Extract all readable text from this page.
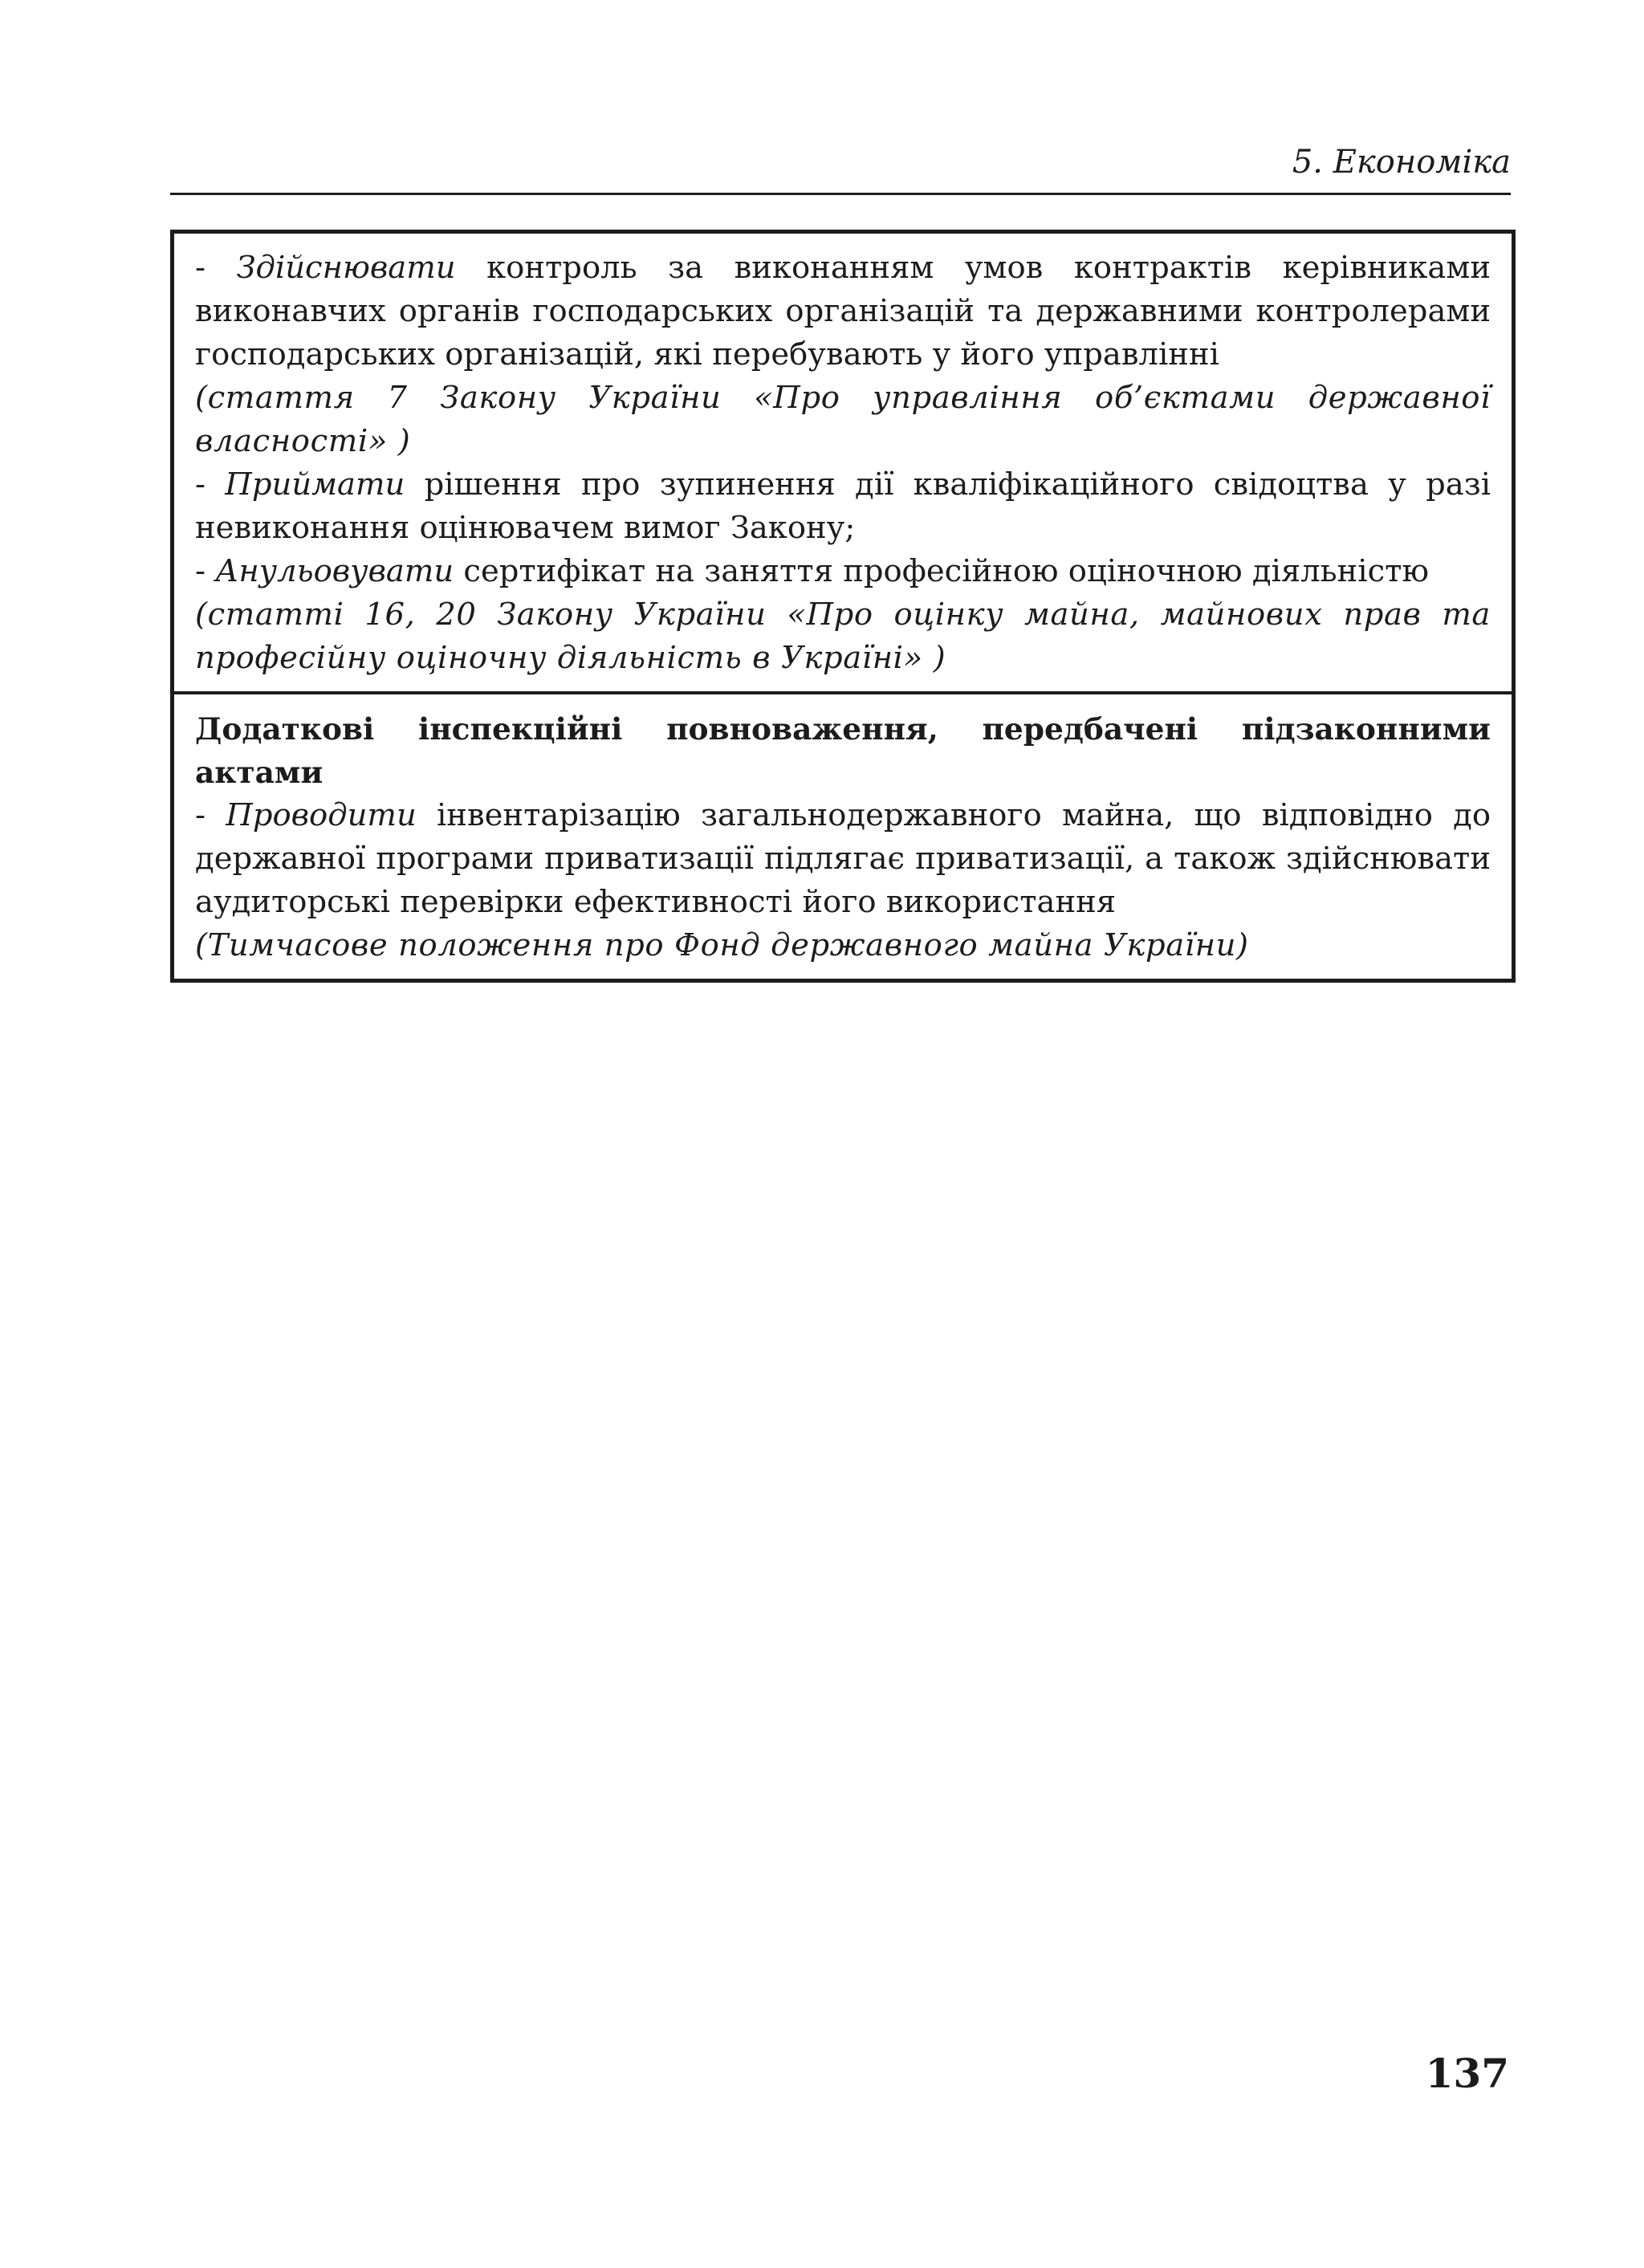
5. Економіка

- Здійснювати контроль за виконанням умов контрактів керівниками виконавчих органів господарських організацій та державними контролерами господарських організацій, які перебувають у його управлінні

(стаття 7 Закону України «Про управління об’єктами державної власності» )

- Приймати рішення про зупинення дії кваліфікаційного свідоцтва у разі невиконання оцінювачем вимог Закону;

- Анульовувати сертифікат на заняття професійною оціночною діяльністю

(статті 16, 20 Закону України «Про оцінку майна, майнових прав та професійну оціночну діяльність в Україні» )

Додаткові інспекційні повноваження, передбачені підзаконними актами

- Проводити інвентарізацію загальнодержавного майна, що відповідно до державної програми приватизації підлягає приватизації, а також здійснювати аудиторські перевірки ефективності його використання

(Тимчасове положення про Фонд державного майна України)

137
